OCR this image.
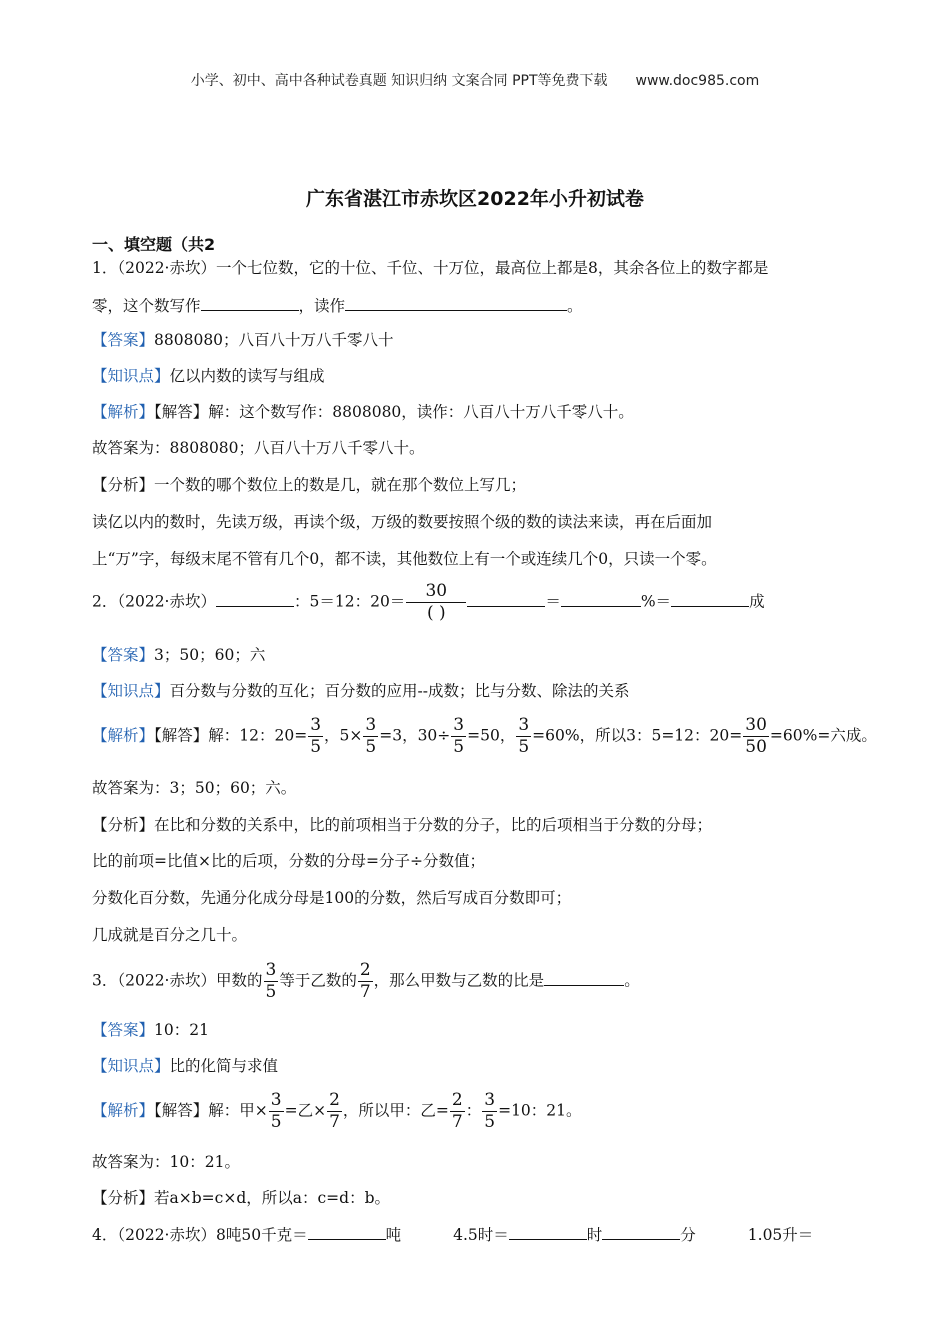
小学、初中、高中各种试卷真题 知识归纳 文案合同 PPT等免费下载 www.doc985.com
广东省湛江市赤坎区2022年小升初试卷
一、填空题（共2
1．（2022·赤坎）一个七位数，它的十位、千位、十万位，最高位上都是8，其余各位上的数字都是
零，这个数写作	，读作	。
【答案】8808080；八百八十万八千零八十
【知识点】亿以内数的读写与组成
【解析】【解答】解：这个数写作：8808080，读作：八百八十万八千零八十。
故答案为：8808080；八百八十万八千零八十。
【分析】一个数的哪个数位上的数是几，就在那个数位上写几；
读亿以内的数时，先读万级，再读个级，万级的数要按照个级的数的读法来读，再在后面加
上“万”字，每级末尾不管有几个0，都不读，其他数位上有一个或连续几个0，只读一个零。
2．（2022·赤坎）	：5＝12：$20= \frac{30}{( )}$	＝	%＝	成
【答案】3；50；60；六
【知识点】百分数与分数的互化；百分数的应用--成数；比与分数、除法的关系
【解析】【解答】解：12：$20= \frac{3}{5}$ ，$5\times \frac{3}{5} =3$，$30\div \frac{3}{5} =50$， $\frac{3}{5} =60\%$，所以3：5=12：$20= \frac{30}{50} =60\%=$六成。
故答案为：3；50；60；六。
【分析】在比和分数的关系中，比的前项相当于分数的分子，比的后项相当于分数的分母；
比的前项=比值×比的后项，分数的分母=分子÷分数值；
分数化百分数，先通分化成分母是100的分数，然后写成百分数即可；
几成就是百分之几十。
3．（2022·赤坎）甲数的 $\frac{3}{5}$ 等于乙数的 $\frac{2}{7}$ ，那么甲数与乙数的比是	。
【答案】10：21
【知识点】比的化简与求值
【解析】【解答】解：甲× $\frac{3}{5}$ =乙× $\frac{2}{7}$ ，所以甲：乙= $\frac{2}{7}$ ： $\frac{3}{5} =10$：21。
故答案为：10：21。
【分析】若a×b=c×d，所以a：c=d：b。
4．（2022·赤坎）8吨50千克＝	吨	4.5时＝	时	分	1.05升＝
